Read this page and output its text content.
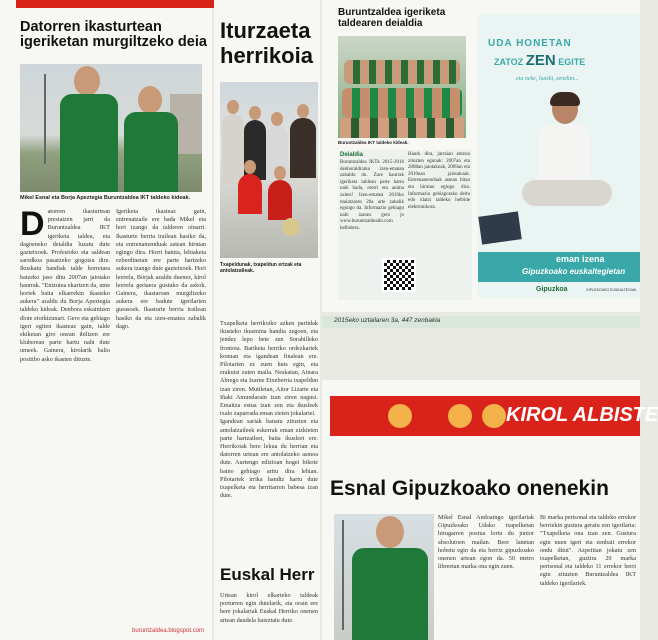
Datorren ikasturtean igeriketan murgiltzeko deia
Mikel Esnal eta Borja Apeztegia Buruntzaldea IKT taldeko kideak.
D atorren ikasturtean prestatzen jarri da Buruntzaldea IKT igeriketa taldea, eta dagoeneko deialdia luzatu dute gaztetxoek. Profesioko eta saldean saredkoa pasatzeko gogotsu dire. Ikuskatu handiak talde horretara batzeko jaso ditu 2007an jaiotako haurrak. "Entzutea ekartzen da, ume horiek baita elkarrekin ikasteko aukera" azaldu du Borja Apeztegia taldeko kideak. Denbora eskaintzen diote etorkizunari. Gero eta gehiago igeri egiten ikasteaz gain, talde ekiketan giro onean ibiltzen ere kluberean parte hartu nahi dute umeek. Gainera, kirolarik balio positibo asko ikasten dituzte.

Igeriketa ikasteaz gain, entrenatzaile ere bada Mikel eta hori izango da talderen oinarri. Ikasturte berria irailean hasiko da, eta entrenamenduak astean hirutan egingo dira. Horri batuta, lehiaketa ezberdinetan ere parte hartzeko aukera izango dute gaztetxoek. Hori horrela, Borjak azaldu duenez, kirol horrela gertaera gustuko da askok. Gainera, ikastaroan murgiltzeko aukera ere badute igerilarien gurasoek. Ikasturte berria irailean hasiko da eta izen-ematea zabalik dago.

buruntzaldea.blogspot.com
Iturzaeta herrikoia
Txapeldunak, txapeldun ertzak eta antolatzaileak.

Txapelketa herrikoiko azken partidak ikusteko ikusmina handia zegoen, eta jendez lepo bete zen Sorabilleko frontoia. Bariketa herriko ordezkariek konuan eta igandean finalean ere. Pilotarien ez zuen huts egin, eta erakutsi zuten maila. Neskatan, Ainara Abrego eta Izarne Etxeberria txapeldun izan ziren. Mutiletan, Aitor Lizarte eta Iñaki Amundarain izan ziren nagusi. Emaitza estua izan zen eta ikusleek txalo zaparrada eman zieten jokalariei.

Igandean sariak banatu zituzten eta antolatzaileek eskerrak eman zizkieten parte hartzaileei, baita ikusleei ere. Herrikoiak bere lekua du herrian eta datorren urtean ere antolatzeko asmoa dute. Aurtengo edizioan hogei bikote baino gehiago aritu dira lehian. Pilotariek irrika handiz hartu dute txapelketa eta herritarren babesa izan dute.

Euskal Herr

Urtean kirol elkarteko taldeak porturren egin dutelarik, eta orain ere bere jokalariak Euskal Herriko onenen artean daudela baieztatu dute.

Buruntzaldea igeriketa taldearen deialdia
Buruntzaldea IKT taldeko kideak.
Deialdia

Buruntzaldea IKTk 2015-2016 denboraldirako izen-ematea zabaldu du. Zure haurrak igeriketa taldean parte hartu nahi badu, etorri eta anima zaitez! Izen-ematea 2016ko maiatzaren 20a arte zabalik egongo da. Informazio gehiago nahi izanez gero jo www.buruntzaldeaikt.com helbidera.

Haurk dira, jarraian entzun zituzten egunak: 2007an eta 2008an jaiotakoak, 2009an eta 2010ean jaiotakoak. Entrenamenduak astean bitan eta hirutan egingo dira. Informazio gehiagorako deitu edo idatzi taldeko helbide elektronikora.

UDA HONETAN
ZATOZ ZEN EGITE
eta neke, haizki, zenekin...
eman izena
Gipuzkoako euskaltegietan
Gipuzkoa	GIPUZKOAKO EUSKALTEGIAK
2015eko uztailaren 3a, 447 zenbakia
KIROL ALBISTE
Esnal Gipuzkoako onenekin

Mikel Esnal Andoaingo igerilariak Gipuzkoako Udako txapelketan hirugarren postua lortu du junior absolutoen mailan. Bere lanetan hobetu egin da eta berriz gipuzkoako onenen artean egon da. 50 metro libreetan marka ona egin zuen.

Bi marka pertsonal eta taldeko errekor berriekin gustura geratu zen igerilaria: "Txapelketa ona izan zen. Gustura egin nuen igeri eta zenbait errekor ondu ditut". Azpeitian jokatu zen txapelketan, guztira 29 marka pertsonal eta taldeko 11 errekor berri egin zituzten Buruntzaldea IKT taldeko igerilariek.
